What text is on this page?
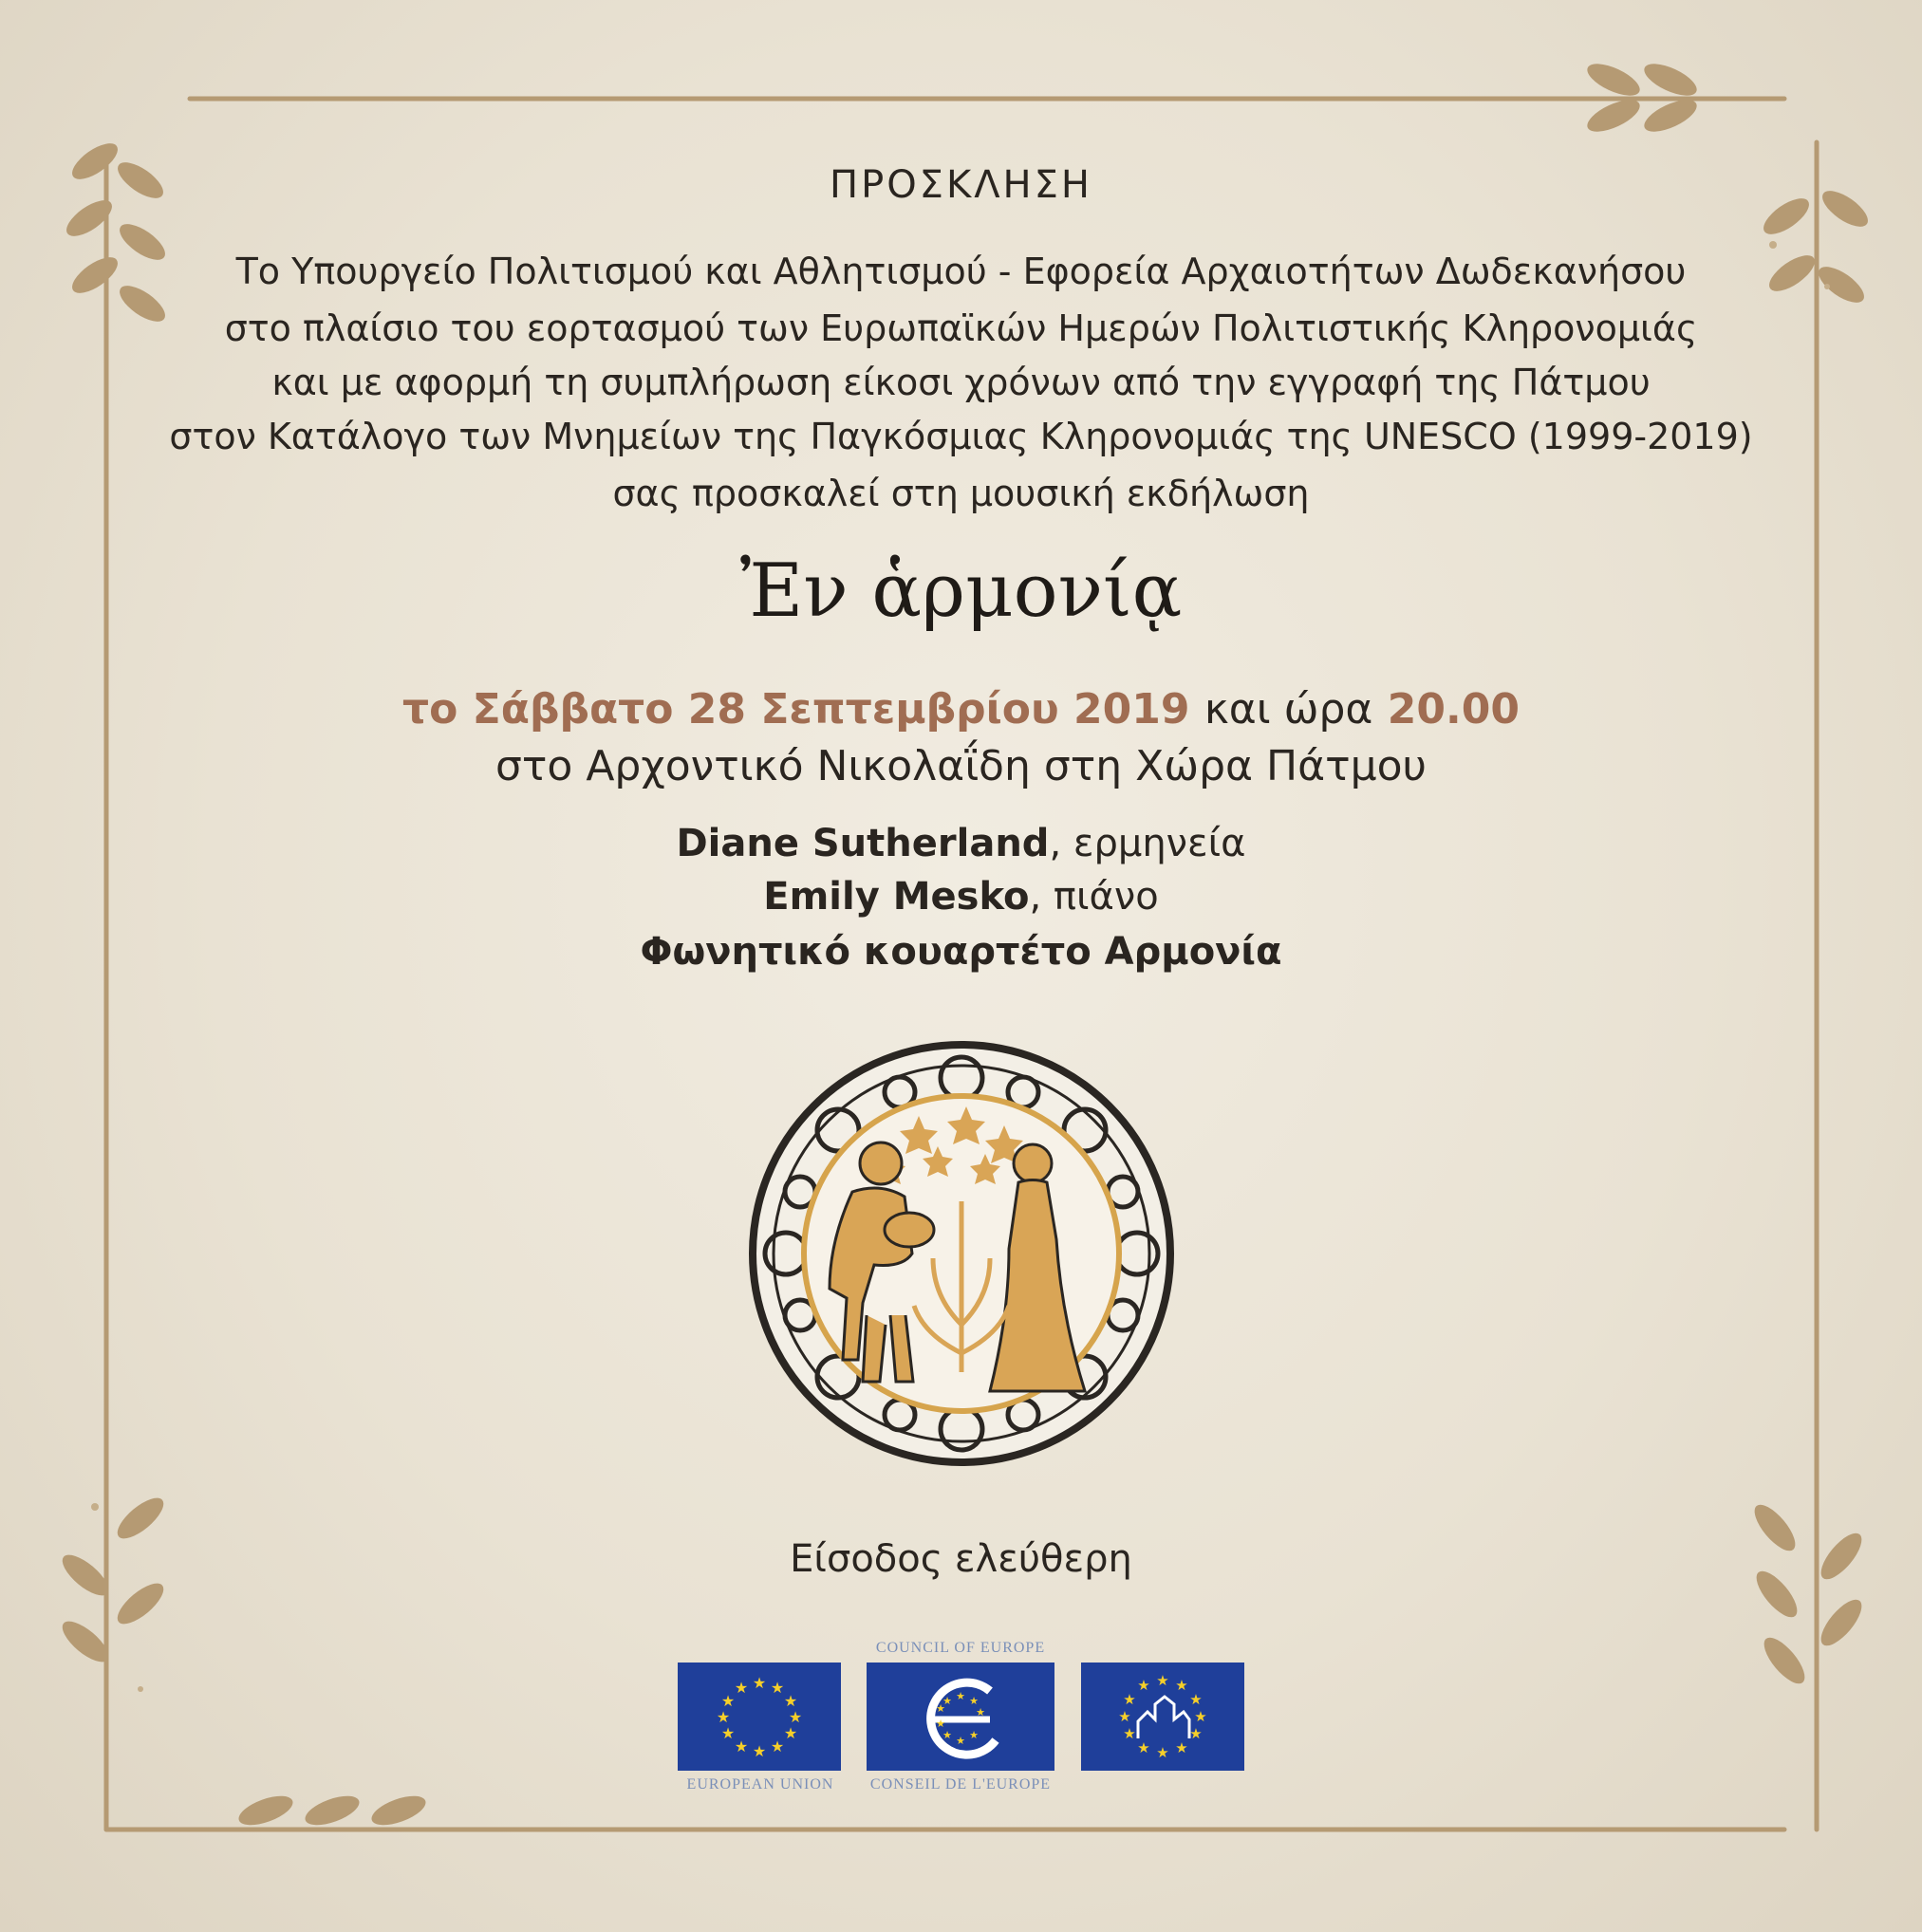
ΠΡΟΣΚΛΗΣΗ

Το Υπουργείο Πολιτισμού και Αθλητισμού - Εφορεία Αρχαιοτήτων Δωδεκανήσου

στο πλαίσιο του εορτασμού των Ευρωπαϊκών Ημερών Πολιτιστικής Κληρονομιάς

και με αφορμή τη συμπλήρωση είκοσι χρόνων από την εγγραφή της Πάτμου

στον Κατάλογο των Μνημείων της Παγκόσμιας Κληρονομιάς της UNESCO (1999-2019)

σας προσκαλεί στη μουσική εκδήλωση

Ἐν ἁρμονίᾳ

το Σάββατο 28 Σεπτεμβρίου 2019 και ώρα 20.00

στο Αρχοντικό Νικολαΐδη στη Χώρα Πάτμου

Diane Sutherland, ερμηνεία

Emily Mesko, πιάνο

Φωνητικό κουαρτέτο Αρμονία

Είσοδος ελεύθερη

★ ★
★
★
★
★
★
★
★
★
★
★
EUROPEAN UNION
COUNCIL OF EUROPE
★ ★
★
★
★
★
★
★
★
CONSEIL DE L'EUROPE
★ ★
★
★
★
★
★
★
★
★
★
★
